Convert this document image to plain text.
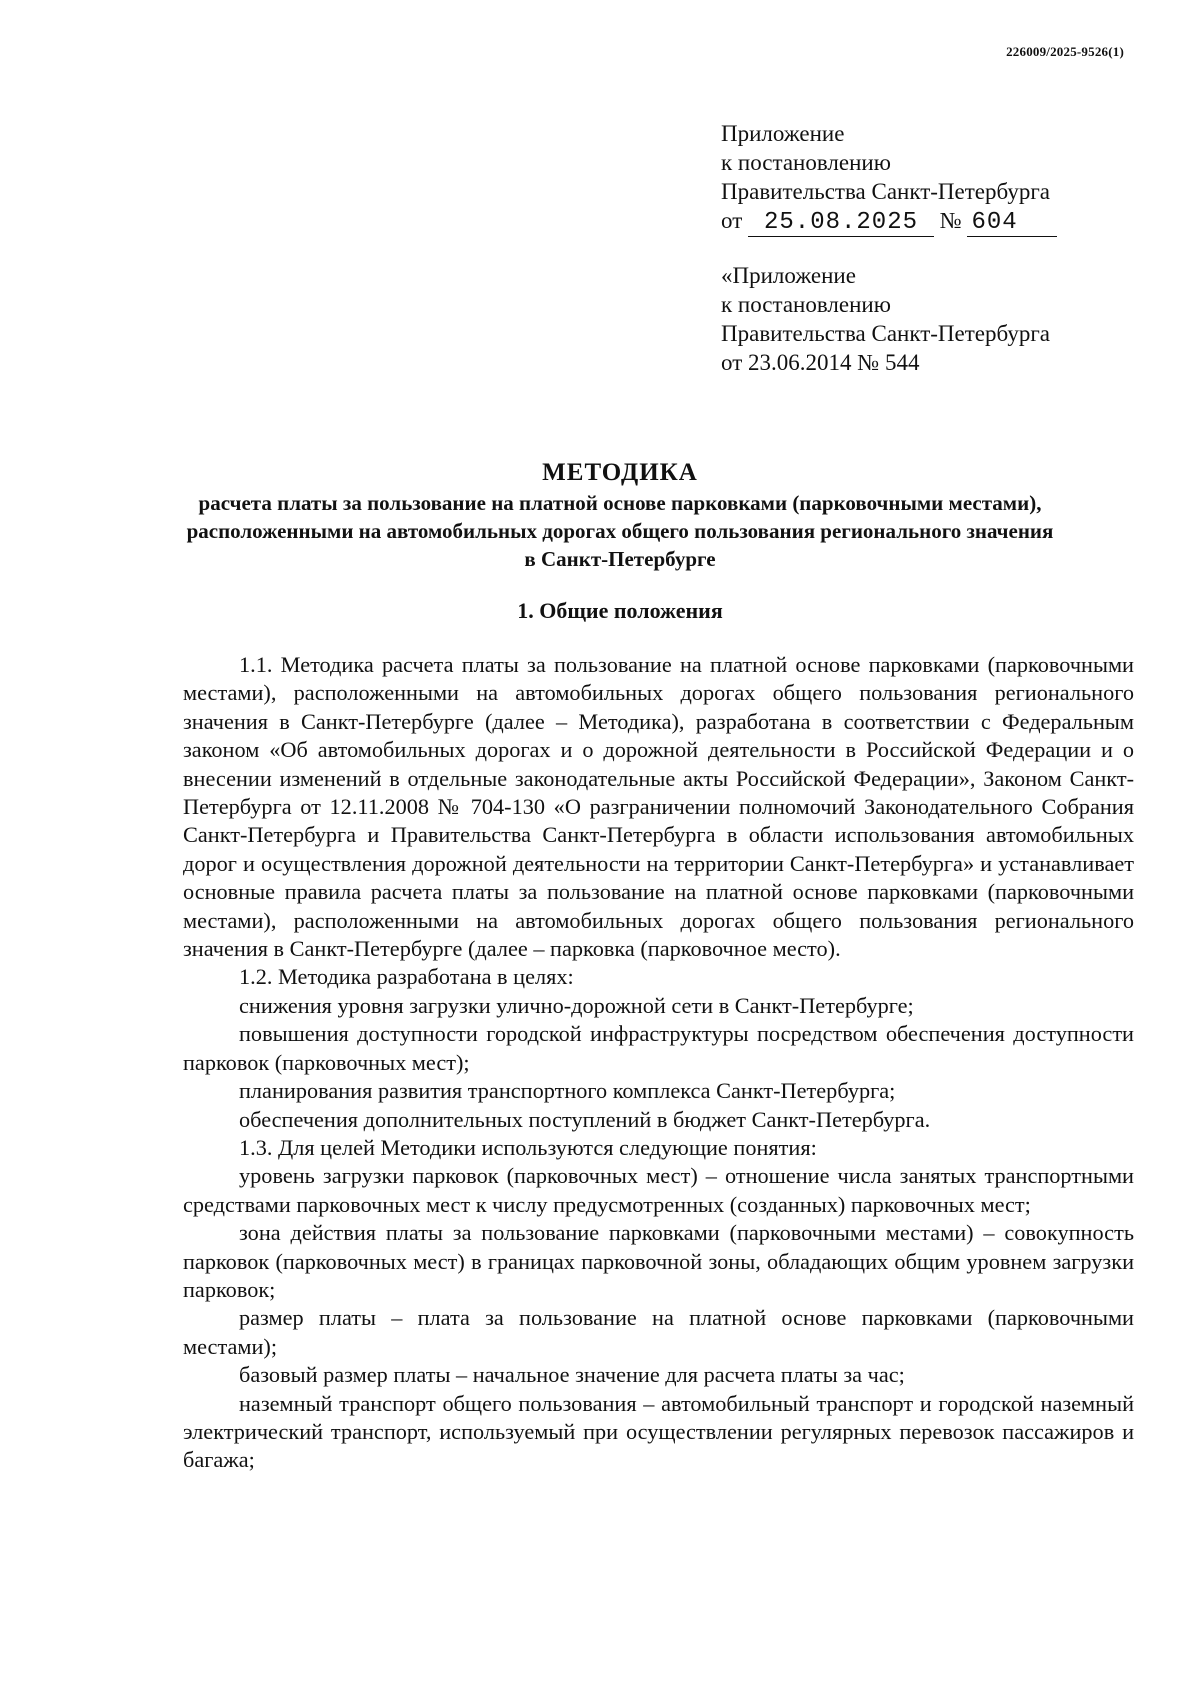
226009/2025-9526(1)
Приложение
к постановлению
Правительства Санкт-Петербурга
от 25.08.2025 № 604
«Приложение
к постановлению
Правительства Санкт-Петербурга
от 23.06.2014 № 544
МЕТОДИКА
расчета платы за пользование на платной основе парковками (парковочными местами), расположенными на автомобильных дорогах общего пользования регионального значения в Санкт-Петербурге
1. Общие положения

1.1. Методика расчета платы за пользование на платной основе парковками (парковочными местами), расположенными на автомобильных дорогах общего пользования регионального значения в Санкт-Петербурге (далее – Методика), разработана в соответствии с Федеральным законом «Об автомобильных дорогах и о дорожной деятельности в Российской Федерации и о внесении изменений в отдельные законодательные акты Российской Федерации», Законом Санкт-Петербурга от 12.11.2008 № 704-130 «О разграничении полномочий Законодательного Собрания Санкт-Петербурга и Правительства Санкт-Петербурга в области использования автомобильных дорог и осуществления дорожной деятельности на территории Санкт-Петербурга» и устанавливает основные правила расчета платы за пользование на платной основе парковками (парковочными местами), расположенными на автомобильных дорогах общего пользования регионального значения в Санкт-Петербурге (далее – парковка (парковочное место).

1.2. Методика разработана в целях:

снижения уровня загрузки улично-дорожной сети в Санкт-Петербурге;

повышения доступности городской инфраструктуры посредством обеспечения доступности парковок (парковочных мест);

планирования развития транспортного комплекса Санкт-Петербурга;

обеспечения дополнительных поступлений в бюджет Санкт-Петербурга.

1.3. Для целей Методики используются следующие понятия:

уровень загрузки парковок (парковочных мест) – отношение числа занятых транспортными средствами парковочных мест к числу предусмотренных (созданных) парковочных мест;

зона действия платы за пользование парковками (парковочными местами) – совокупность парковок (парковочных мест) в границах парковочной зоны, обладающих общим уровнем загрузки парковок;

размер платы – плата за пользование на платной основе парковками (парковочными местами);

базовый размер платы – начальное значение для расчета платы за час;

наземный транспорт общего пользования – автомобильный транспорт и городской наземный электрический транспорт, используемый при осуществлении регулярных перевозок пассажиров и багажа;
